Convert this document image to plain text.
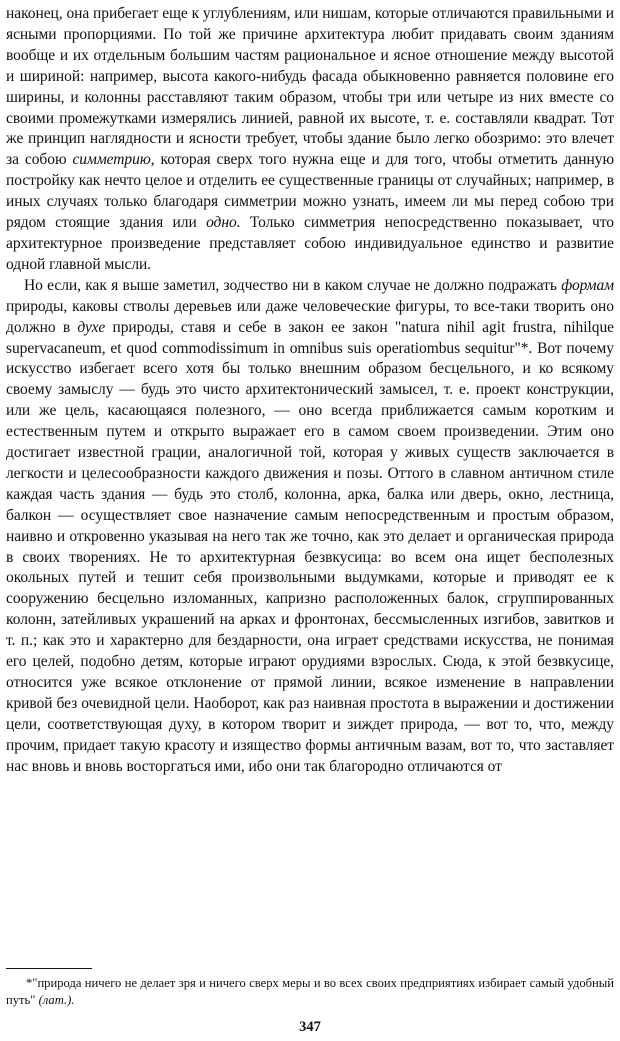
наконец, она прибегает еще к углублениям, или нишам, которые отличаются правильными и ясными пропорциями. По той же причине архитектура любит придавать своим зданиям вообще и их отдельным большим частям рациональное и ясное отношение между высотой и шириной: например, высота какого-нибудь фасада обыкновенно равняется половине его ширины, и колонны расставляют таким образом, чтобы три или четыре из них вместе со своими промежутками измерялись линией, равной их высоте, т. е. составляли квадрат. Тот же принцип наглядности и ясности требует, чтобы здание было легко обозримо: это влечет за собою симметрию, которая сверх того нужна еще и для того, чтобы отметить данную постройку как нечто целое и отделить ее существенные границы от случайных; например, в иных случаях только благодаря симметрии можно узнать, имеем ли мы перед собою три рядом стоящие здания или одно. Только симметрия непосредственно показывает, что архитектурное произведение представляет собою индивидуальное единство и развитие одной главной мысли.

Но если, как я выше заметил, зодчество ни в каком случае не должно подражать формам природы, каковы стволы деревьев или даже человеческие фигуры, то все-таки творить оно должно в духе природы, ставя и себе в закон ее закон "natura nihil agit frustra, nihilque supervacaneum, et quod commodissimum in omnibus suis operatiombus sequitur"*. Вот почему искусство избегает всего хотя бы только внешним образом бесцельного, и ко всякому своему замыслу — будь это чисто архитектонический замысел, т. е. проект конструкции, или же цель, касающаяся полезного, — оно всегда приближается самым коротким и естественным путем и открыто выражает его в самом своем произведении. Этим оно достигает известной грации, аналогичной той, которая у живых существ заключается в легкости и целесообразности каждого движения и позы. Оттого в славном античном стиле каждая часть здания — будь это столб, колонна, арка, балка или дверь, окно, лестница, балкон — осуществляет свое назначение самым непосредственным и простым образом, наивно и откровенно указывая на него так же точно, как это делает и органическая природа в своих творениях. Не то архитектурная безвкусица: во всем она ищет бесполезных окольных путей и тешит себя произвольными выдумками, которые и приводят ее к сооружению бесцельно изломанных, капризно расположенных балок, сгруппированных колонн, затейливых украшений на арках и фронтонах, бессмысленных изгибов, завитков и т. п.; как это и характерно для бездарности, она играет средствами искусства, не понимая его целей, подобно детям, которые играют орудиями взрослых. Сюда, к этой безвкусице, относится уже всякое отклонение от прямой линии, всякое изменение в направлении кривой без очевидной цели. Наоборот, как раз наивная простота в выражении и достижении цели, соответствующая духу, в котором творит и зиждет природа, — вот то, что, между прочим, придает такую красоту и изящество формы античным вазам, вот то, что заставляет нас вновь и вновь восторгаться ими, ибо они так благородно отличаются от

*"природа ничего не делает зря и ничего сверх меры и во всех своих предприятиях избирает самый удобный путь" (лат.).

347
